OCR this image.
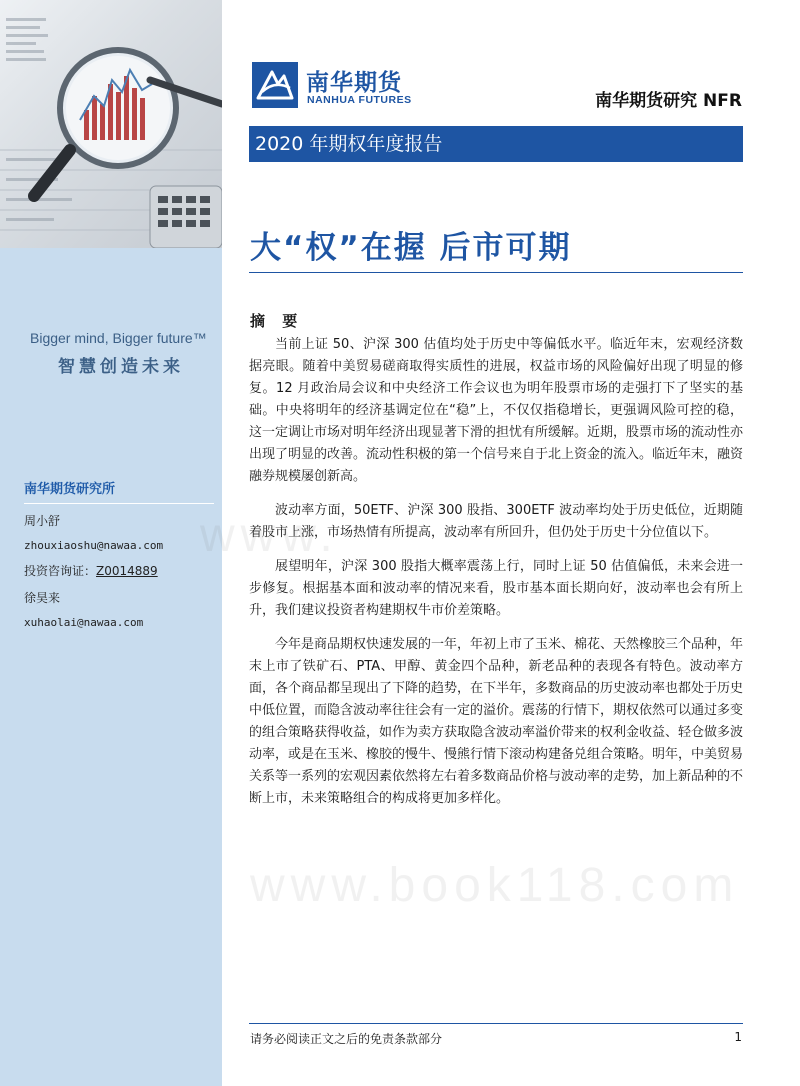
Bigger mind, Bigger future™
智慧创造未来
南华期货研究所
周小舒
zhouxiaoshu@nawaa.com
投资咨询证：Z0014889
徐昊来
xuhaolai@nawaa.com
南华期货
NANHUA FUTURES	南华期货研究 NFR
2020 年期权年度报告
大“权”在握 后市可期
摘 要

当前上证 50、沪深 300 估值均处于历史中等偏低水平。临近年末，宏观经济数据亮眼。随着中美贸易磋商取得实质性的进展，权益市场的风险偏好出现了明显的修复。12 月政治局会议和中央经济工作会议也为明年股票市场的走强打下了坚实的基础。中央将明年的经济基调定位在“稳”上，不仅仅指稳增长，更强调风险可控的稳，这一定调让市场对明年经济出现显著下滑的担忧有所缓解。近期，股票市场的流动性亦出现了明显的改善。流动性积极的第一个信号来自于北上资金的流入。临近年末，融资融券规模屡创新高。

波动率方面，50ETF、沪深 300 股指、300ETF 波动率均处于历史低位，近期随着股市上涨，市场热情有所提高，波动率有所回升，但仍处于历史十分位值以下。

展望明年，沪深 300 股指大概率震荡上行，同时上证 50 估值偏低，未来会进一步修复。根据基本面和波动率的情况来看，股市基本面长期向好，波动率也会有所上升，我们建议投资者构建期权牛市价差策略。

今年是商品期权快速发展的一年，年初上市了玉米、棉花、天然橡胶三个品种，年末上市了铁矿石、PTA、甲醇、黄金四个品种，新老品种的表现各有特色。波动率方面，各个商品都呈现出了下降的趋势，在下半年，多数商品的历史波动率也都处于历史中低位置，而隐含波动率往往会有一定的溢价。震荡的行情下，期权依然可以通过多变的组合策略获得收益，如作为卖方获取隐含波动率溢价带来的权利金收益、轻仓做多波动率，或是在玉米、橡胶的慢牛、慢熊行情下滚动构建备兑组合策略。明年，中美贸易关系等一系列的宏观因素依然将左右着多数商品价格与波动率的走势，加上新品种的不断上市，未来策略组合的构成将更加多样化。

www.
www.book118.com
请务必阅读正文之后的免责条款部分	1
